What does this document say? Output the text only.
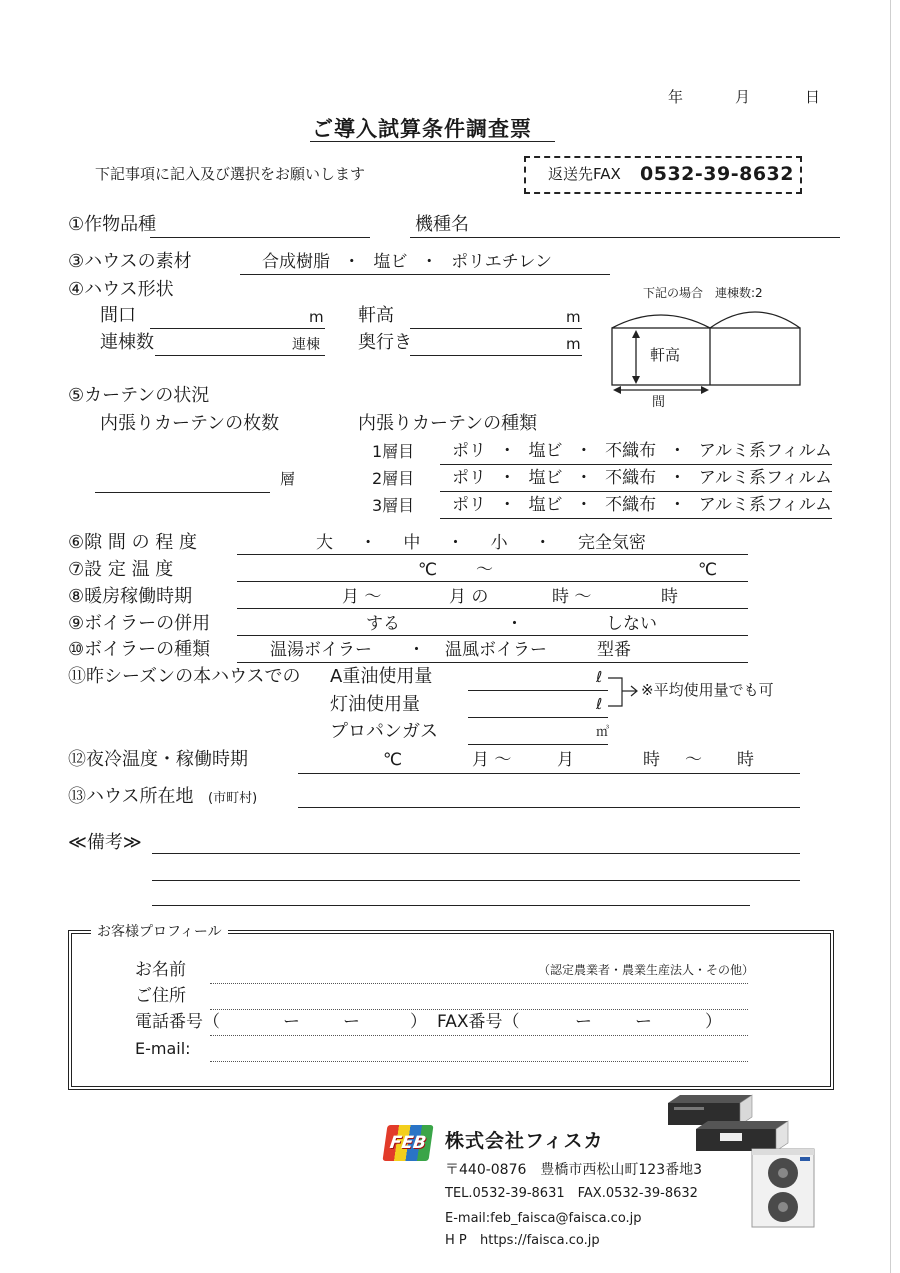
年	月	日
ご導入試算条件調査票
下記事項に記入及び選択をお願いします	返送先FAX 0532-39-8632
①作物品種	機種名
③ハウスの素材	合成樹脂 ・ 塩ビ ・ ポリエチレン
④ハウス形状
間口	m 軒高	m
連棟数	連棟 奥行き	m
下記の場合　連棟数:2
軒高
間
⑤カーテンの状況
内張りカーテンの枚数	内張りカーテンの種類
層
1層目 ポリ ・ 塩ビ ・ 不織布 ・ アルミ系フィルム
2層目 ポリ ・ 塩ビ ・ 不織布 ・ アルミ系フィルム
3層目 ポリ ・ 塩ビ ・ 不織布 ・ アルミ系フィルム
⑥隙 間 の 程 度	大 ・ 中 ・ 小 ・ 完全気密
⑦設 定 温 度	℃ ～	℃
⑧暖房稼働時期	月 ～	月 の	時 ～	時
⑨ボイラーの併用	する	・	しない
⑩ボイラーの種類	温湯ボイラー ・ 温風ボイラー	型番
⑪昨シーズンの本ハウスでの A重油使用量	ℓ
灯油使用量	ℓ
プロパンガス	㎥
※平均使用量でも可
⑫夜冷温度・稼働時期	℃	月 ～	月	時 ～ 時
⑬ハウス所在地 (市町村)
≪備考≫
お客様プロフィール
お名前	（認定農業者・農業生産法人・その他）
ご住所
電話番号（	ー	ー	） FAX番号（	ー	ー	）
E-mail:
FEB 株式会社フィスカ
〒440-0876　豊橋市西松山町123番地3
TEL.0532-39-8631　FAX.0532-39-8632
E-mail:feb_faisca@faisca.co.jp
H P https://faisca.co.jp
